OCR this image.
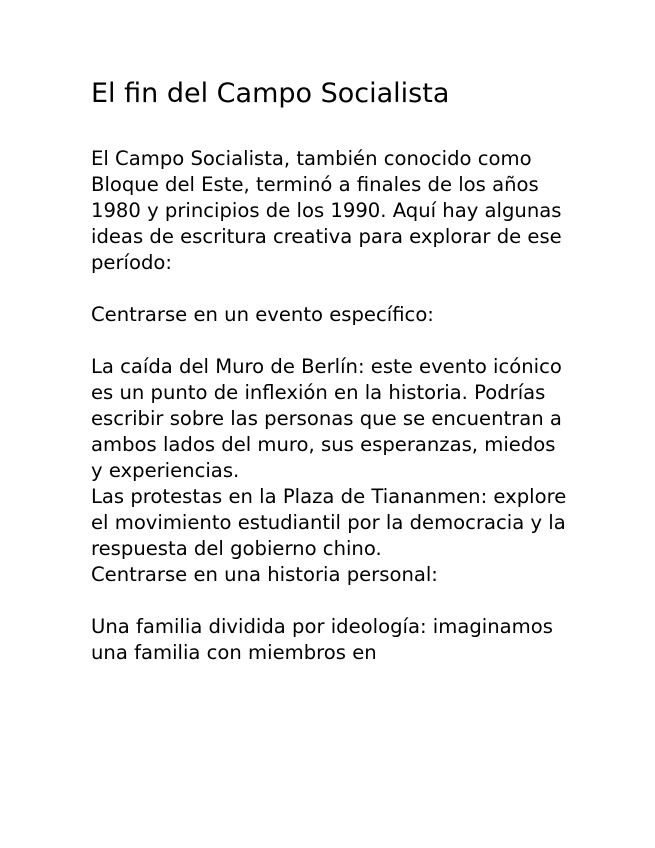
El fin del Campo Socialista

El Campo Socialista, también conocido como Bloque del Este, terminó a finales de los años 1980 y principios de los 1990. Aquí hay algunas ideas de escritura creativa para explorar de ese período:

Centrarse en un evento específico:

La caída del Muro de Berlín: este evento icónico es un punto de inflexión en la historia. Podrías escribir sobre las personas que se encuentran a ambos lados del muro, sus esperanzas, miedos y experiencias.

Las protestas en la Plaza de Tiananmen: explore el movimiento estudiantil por la democracia y la respuesta del gobierno chino.

Centrarse en una historia personal:

Una familia dividida por ideología: imaginamos una familia con miembros en
